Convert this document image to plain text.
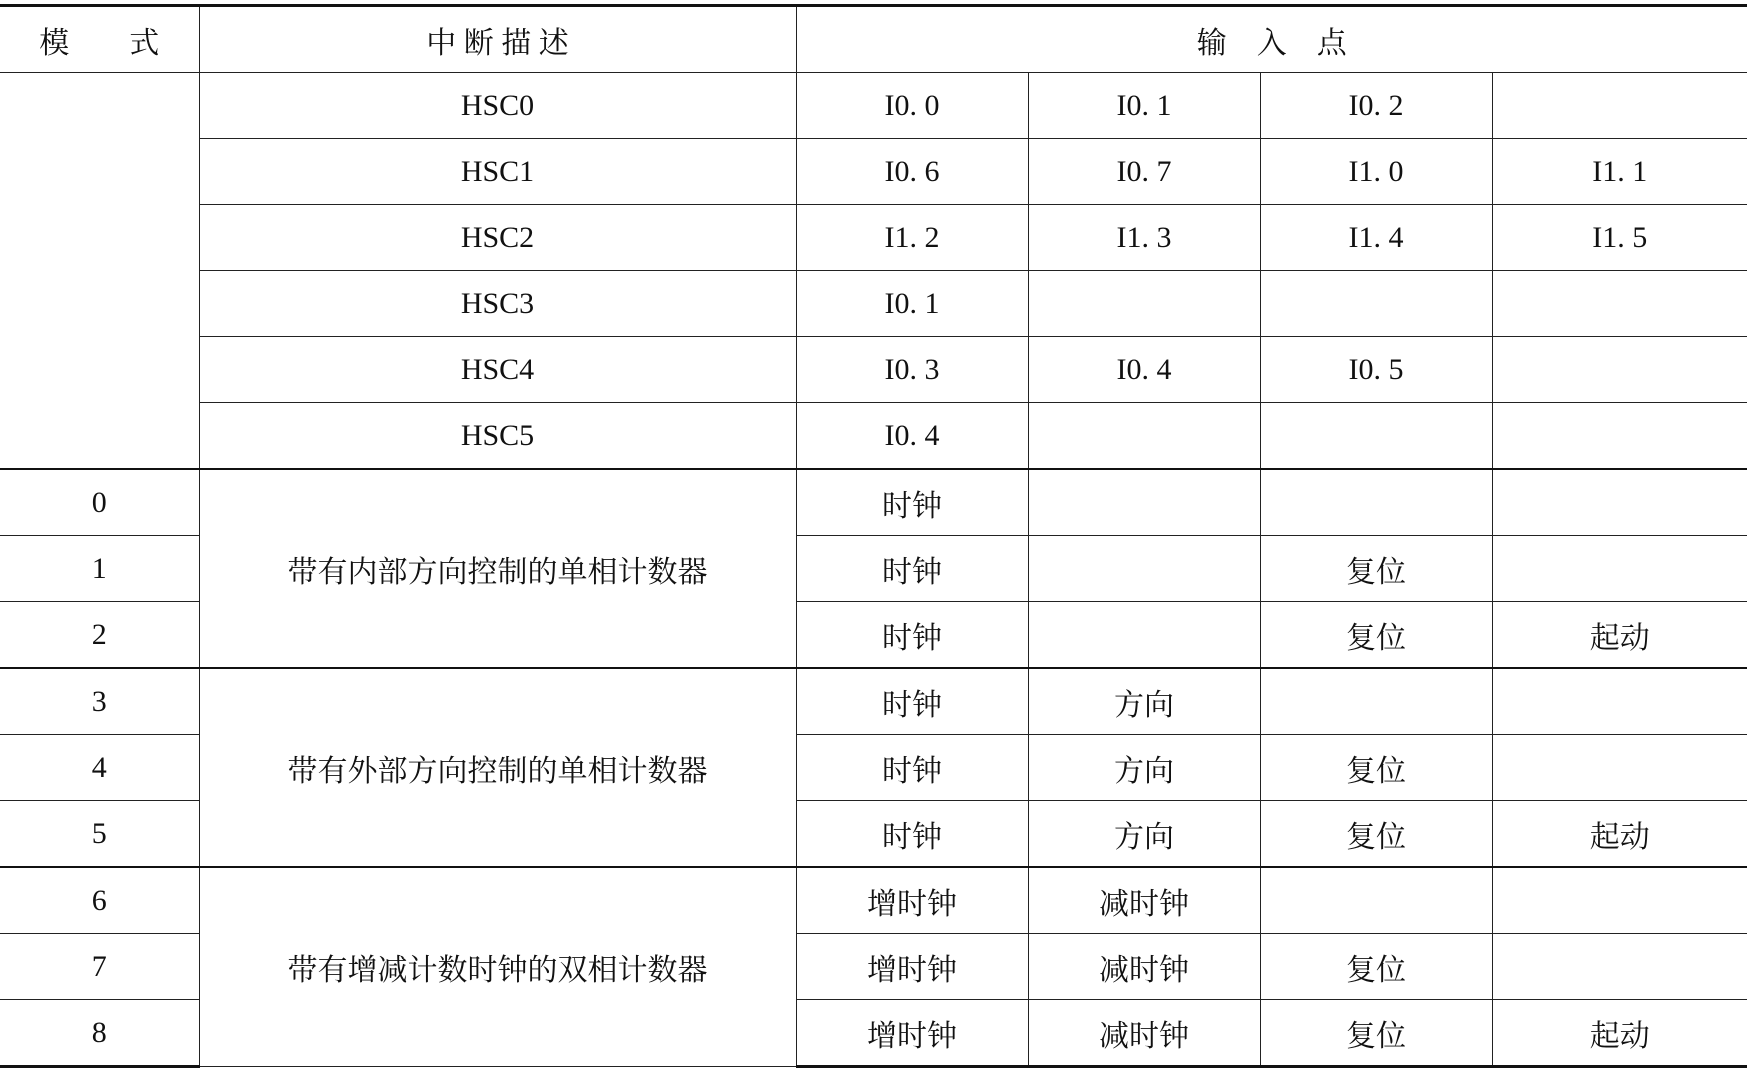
模　　式	中 断 描 述	输　入　点			
	HSC0	I0. 0	I0. 1	I0. 2	
	HSC1	I0. 6	I0. 7	I1. 0	I1. 1
	HSC2	I1. 2	I1. 3	I1. 4	I1. 5
	HSC3	I0. 1			
	HSC4	I0. 3	I0. 4	I0. 5	
	HSC5	I0. 4			
0	带有内部方向控制的单相计数器	时钟			
1		时钟		复位	
2		时钟		复位	起动
3	带有外部方向控制的单相计数器	时钟	方向		
4		时钟	方向	复位	
5		时钟	方向	复位	起动
6	带有增减计数时钟的双相计数器	增时钟	减时钟		
7		增时钟	减时钟	复位	
8		增时钟	减时钟	复位	起动
